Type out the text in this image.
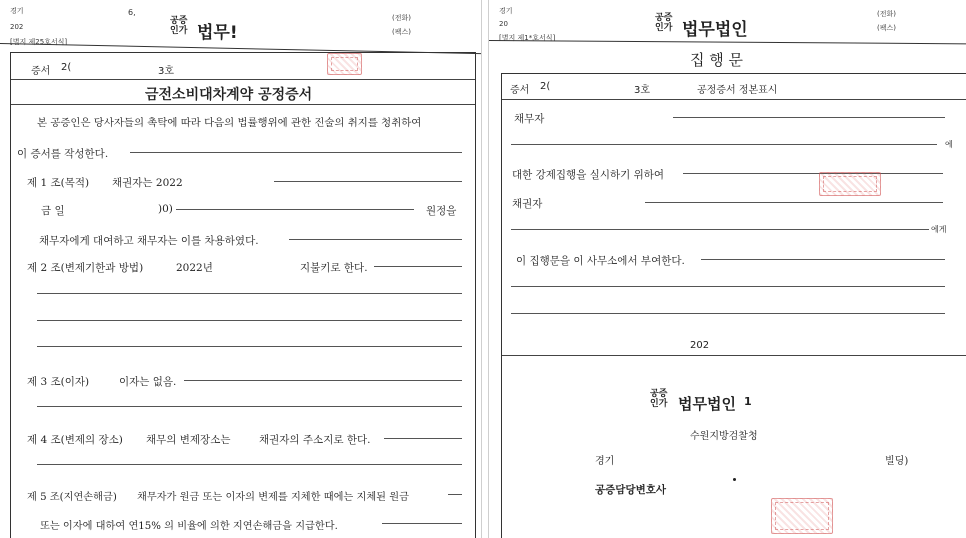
경기	6,
202
[별지 제25호서식]
공증
인가 법무!
(전화)
(팩스)
증서 2(	3호
금전소비대차계약 공정증서
본 공증인은 당사자들의 촉탁에 따라 다음의 법률행위에 관한 진술의 취지를 청취하여
이 증서를 작성한다.
제 1 조(목적) 채권자는 2022
금 일	)0)	원정을
채무자에게 대여하고 채무자는 이를 차용하였다.
제 2 조(변제기한과 방법)	2022년	지불키로 한다.
제 3 조(이자)	이자는 없음.
제 4 조(변제의 장소) 채무의 변제장소는	채권자의 주소지로 한다.
제 5 조(지연손해금) 채무자가 원금 또는 이자의 변제를 지체한 때에는 지체된 원금
또는 이자에 대하여 연15% 의 비율에 의한 지연손해금을 지급한다.
경기
20
[별지 제1*호서식]
공증
인가 법무법인
(전화)
(팩스)
집 행 문
증서 2(	3호	공정증서 정본표시
채무자
에
대한 강제집행을 실시하기 위하여
채권자
에게
이 집행문을 이 사무소에서 부여한다.
202
공증
인가 법무법인 1
수원지방검찰청
경기	빌딩)
공증담당변호사
